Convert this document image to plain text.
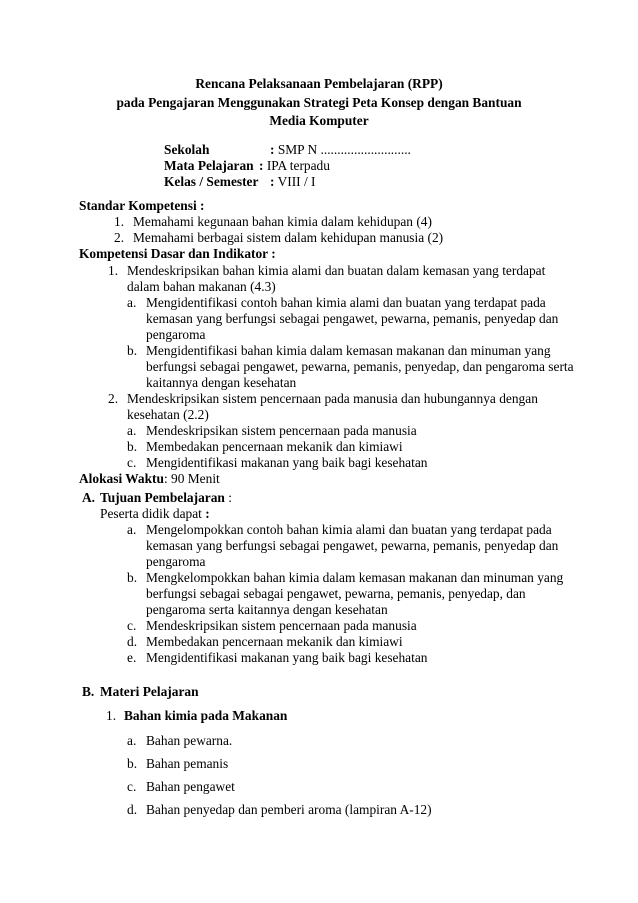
Rencana Pelaksanaan Pembelajaran (RPP)
pada Pengajaran Menggunakan Strategi Peta Konsep dengan Bantuan
Media Komputer
Sekolah	: SMP N ...........................
Mata Pelajaran : IPA terpadu
Kelas / Semester : VIII / I
Standar Kompetensi :
1. Memahami kegunaan bahan kimia dalam kehidupan (4)
2. Memahami berbagai sistem dalam kehidupan manusia (2)
Kompetensi Dasar dan Indikator :
1. Mendeskripsikan bahan kimia alami dan buatan dalam kemasan yang terdapat
dalam bahan makanan (4.3)
a. Mengidentifikasi contoh bahan kimia alami dan buatan yang terdapat pada
kemasan yang berfungsi sebagai pengawet, pewarna, pemanis, penyedap dan
pengaroma
b. Mengidentifikasi bahan kimia dalam kemasan makanan dan minuman yang
berfungsi sebagai pengawet, pewarna, pemanis, penyedap, dan pengaroma serta
kaitannya dengan kesehatan
2. Mendeskripsikan sistem pencernaan pada manusia dan hubungannya dengan
kesehatan (2.2)
a. Mendeskripsikan sistem pencernaan pada manusia
b. Membedakan pencernaan mekanik dan kimiawi
c. Mengidentifikasi makanan yang baik bagi kesehatan
Alokasi Waktu: 90 Menit
A. Tujuan Pembelajaran :
Peserta didik dapat :
a. Mengelompokkan contoh bahan kimia alami dan buatan yang terdapat pada
kemasan yang berfungsi sebagai pengawet, pewarna, pemanis, penyedap dan
pengaroma
b. Mengkelompokkan bahan kimia dalam kemasan makanan dan minuman yang
berfungsi sebagai sebagai pengawet, pewarna, pemanis, penyedap, dan
pengaroma serta kaitannya dengan kesehatan
c. Mendeskripsikan sistem pencernaan pada manusia
d. Membedakan pencernaan mekanik dan kimiawi
e. Mengidentifikasi makanan yang baik bagi kesehatan
B. Materi Pelajaran
1. Bahan kimia pada Makanan
a. Bahan pewarna.
b. Bahan pemanis
c. Bahan pengawet
d. Bahan penyedap dan pemberi aroma (lampiran A-12)
